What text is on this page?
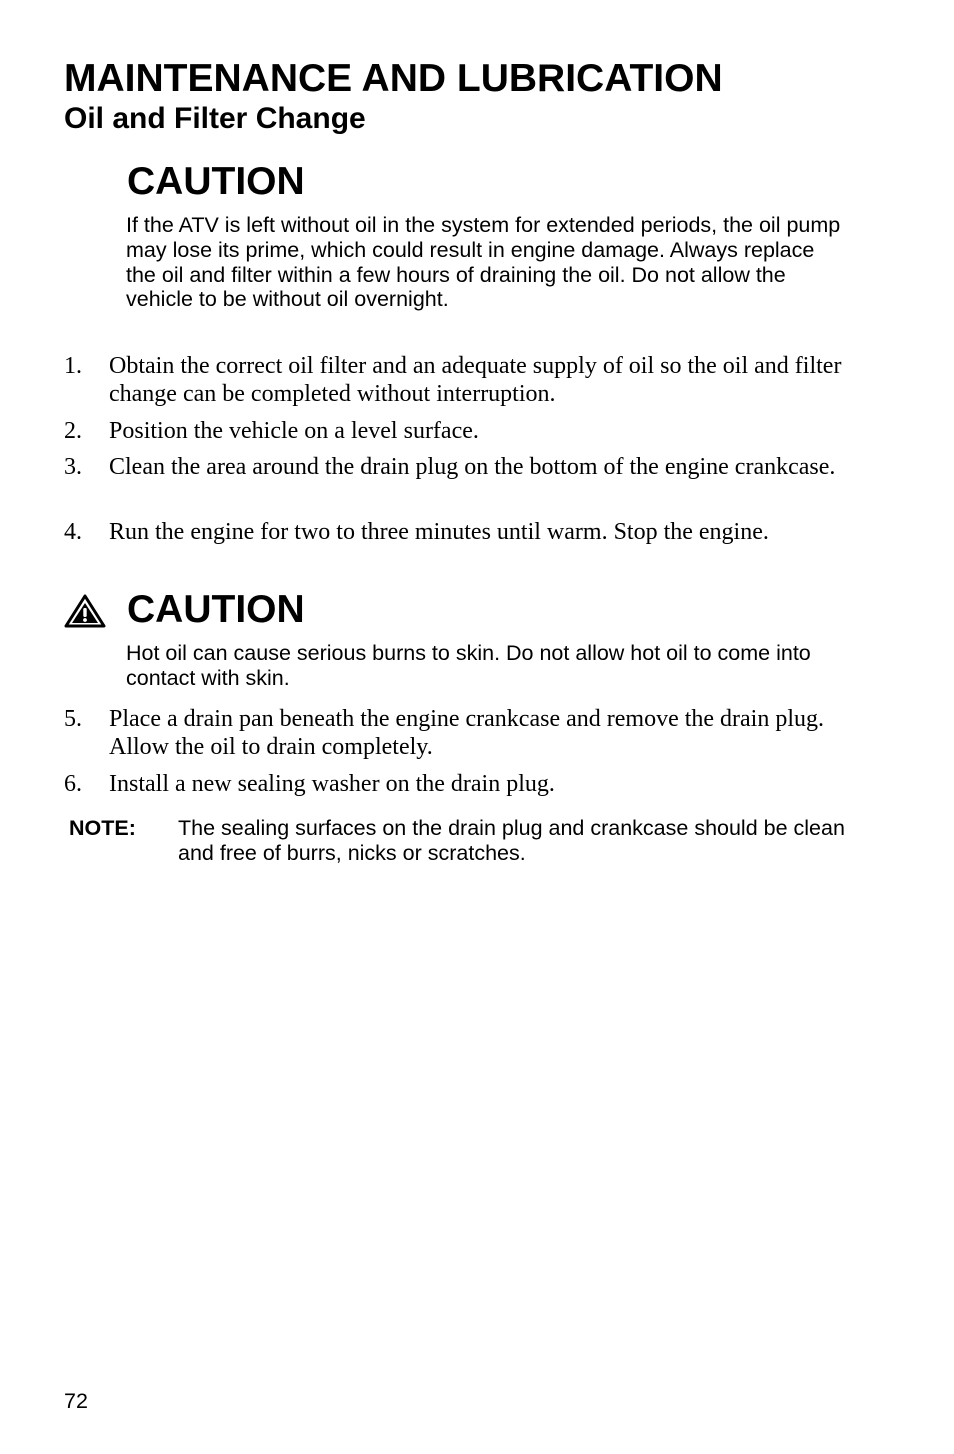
MAINTENANCE AND LUBRICATION
Oil and Filter Change
CAUTION

If the ATV is left without oil in the system for extended periods, the oil pump may lose its prime, which could result in engine damage. Always replace the oil and filter within a few hours of draining the oil. Do not allow the vehicle to be without oil overnight.

1. Obtain the correct oil filter and an adequate supply of oil so the oil and filter change can be completed without interruption.
2. Position the vehicle on a level surface.
3. Clean the area around the drain plug on the bottom of the engine crankcase.
4. Run the engine for two to three minutes until warm. Stop the engine.
CAUTION

Hot oil can cause serious burns to skin. Do not allow hot oil to come into contact with skin.

5. Place a drain pan beneath the engine crankcase and remove the drain plug. Allow the oil to drain completely.
6. Install a new sealing washer on the drain plug.
NOTE: The sealing surfaces on the drain plug and crankcase should be clean and free of burrs, nicks or scratches.
72
